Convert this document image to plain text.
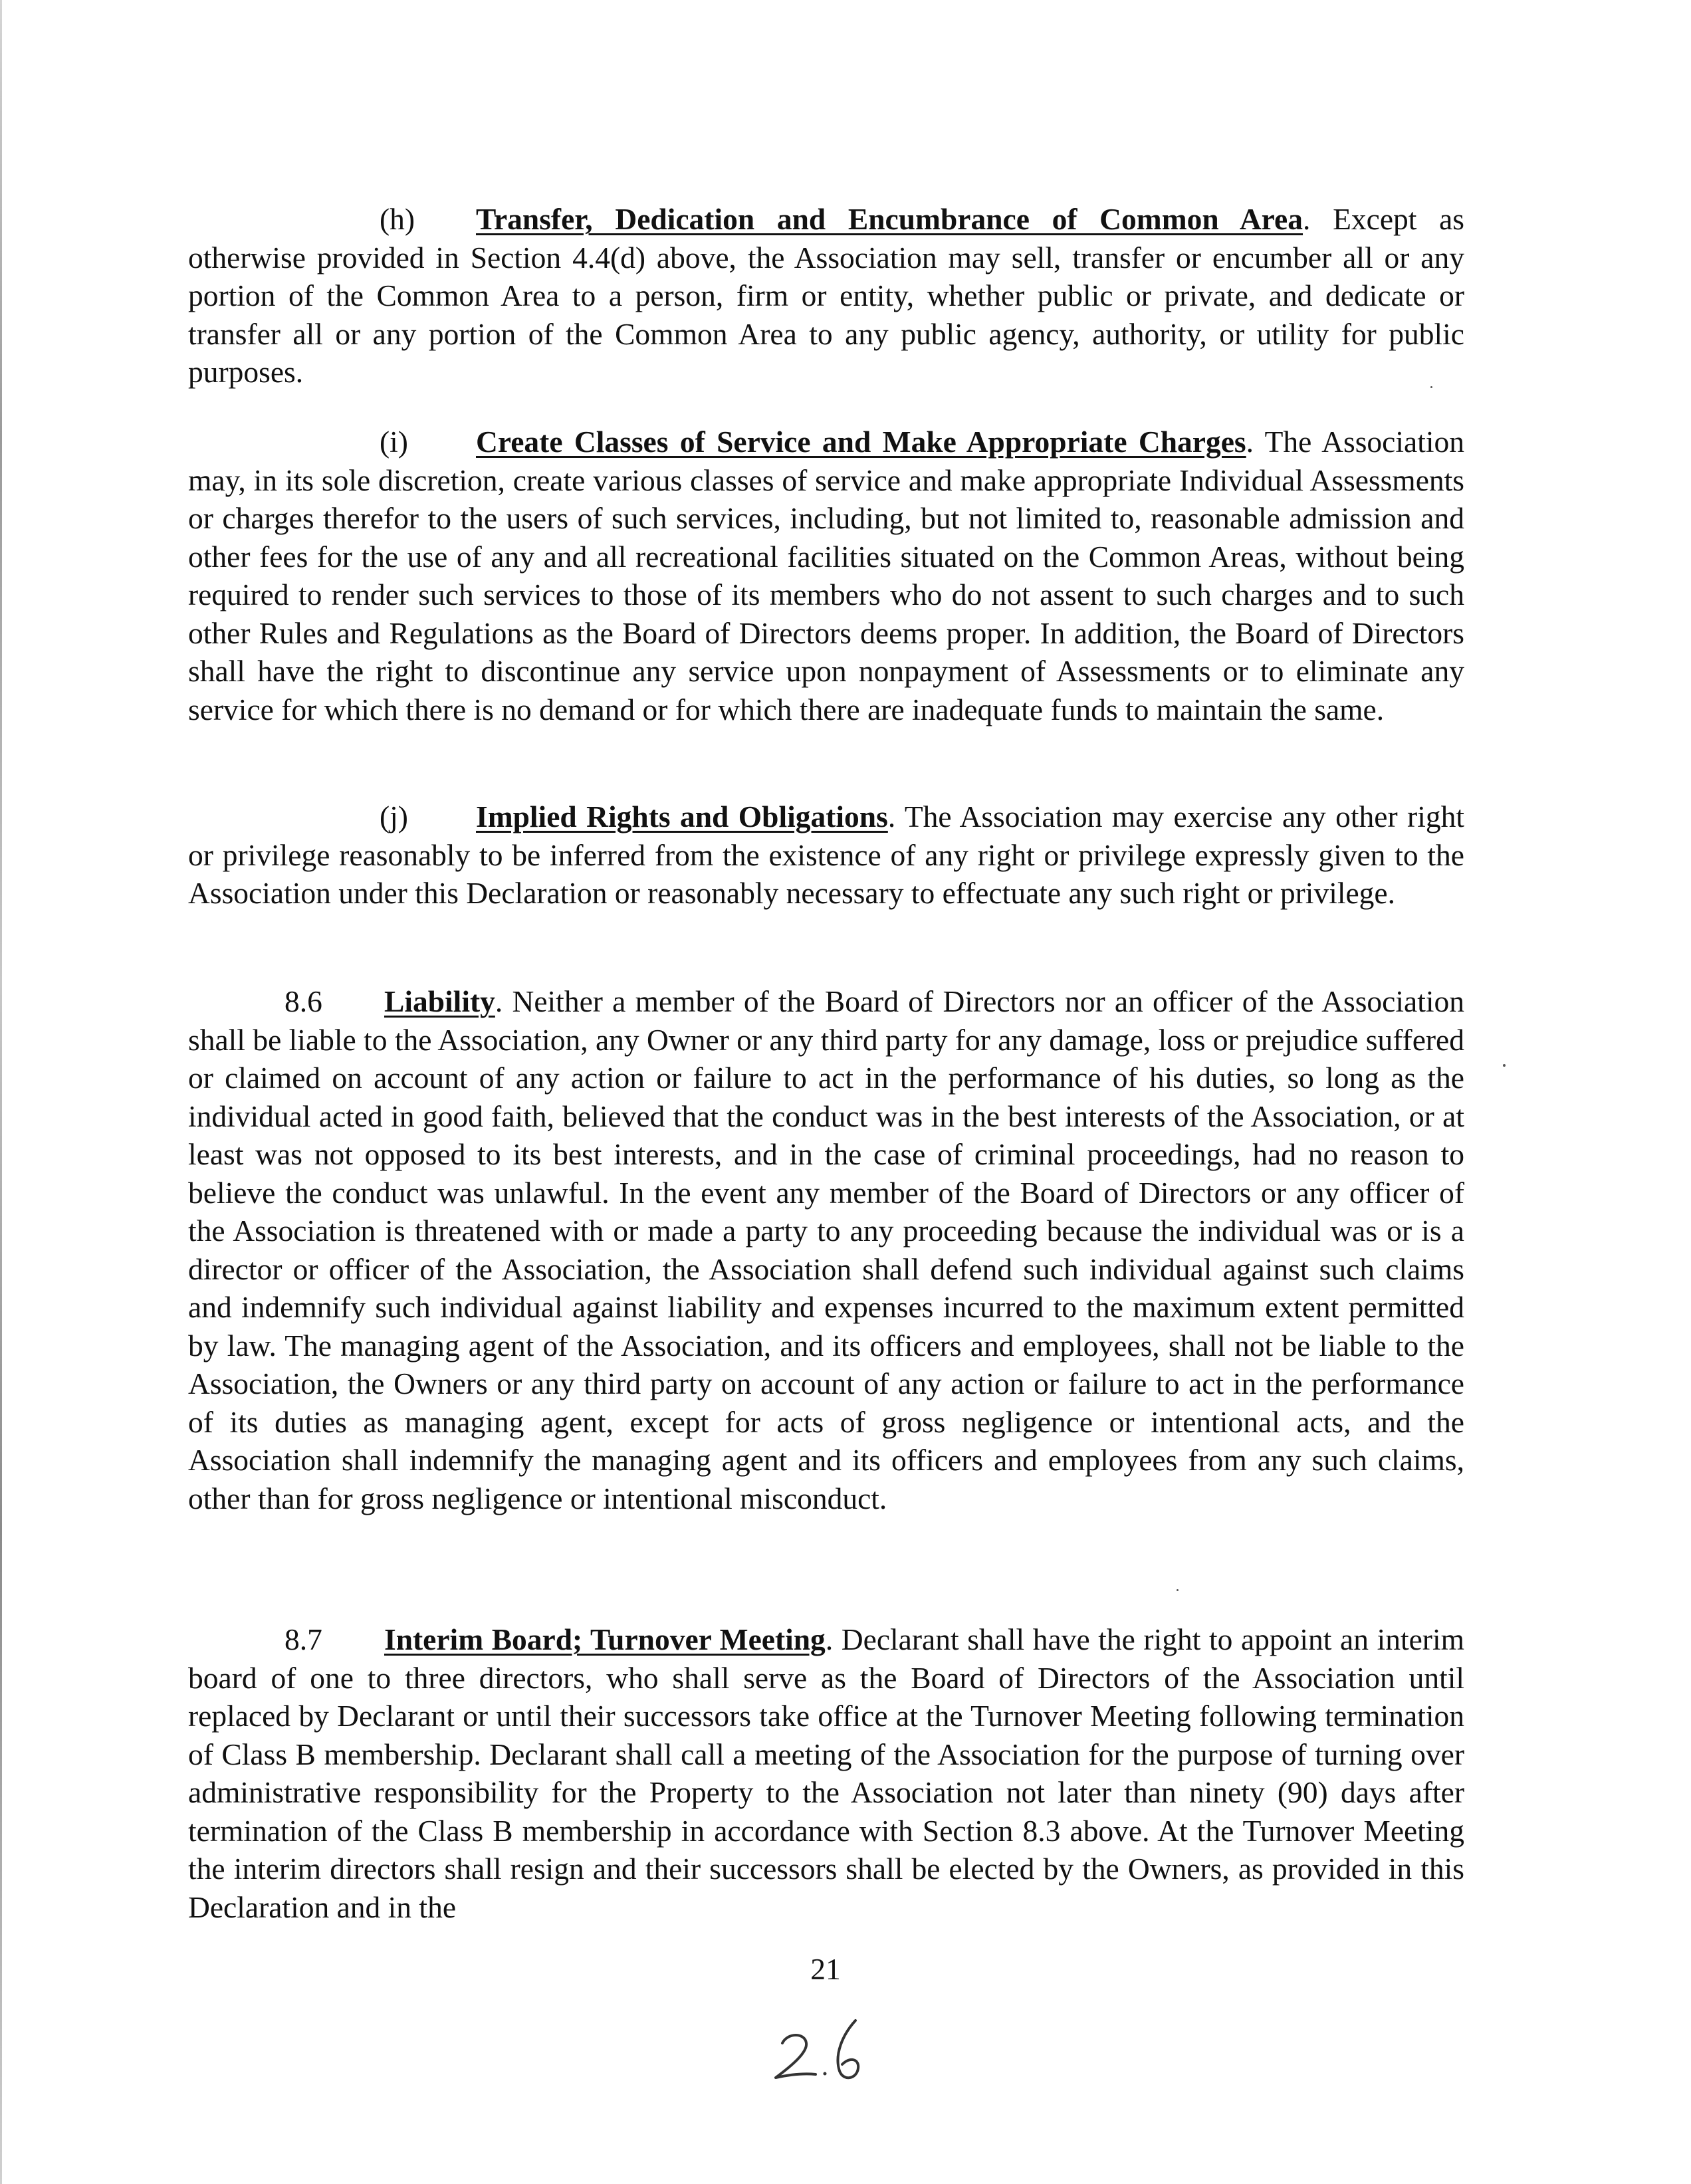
(h) Transfer, Dedication and Encumbrance of Common Area. Except as otherwise provided in Section 4.4(d) above, the Association may sell, transfer or encumber all or any portion of the Common Area to a person, firm or entity, whether public or private, and dedicate or transfer all or any portion of the Common Area to any public agency, authority, or utility for public purposes.

(i) Create Classes of Service and Make Appropriate Charges. The Association may, in its sole discretion, create various classes of service and make appropriate Individual Assessments or charges therefor to the users of such services, including, but not limited to, reasonable admission and other fees for the use of any and all recreational facilities situated on the Common Areas, without being required to render such services to those of its members who do not assent to such charges and to such other Rules and Regulations as the Board of Directors deems proper. In addition, the Board of Directors shall have the right to discontinue any service upon nonpayment of Assessments or to eliminate any service for which there is no demand or for which there are inadequate funds to maintain the same.

(j) Implied Rights and Obligations. The Association may exercise any other right or privilege reasonably to be inferred from the existence of any right or privilege expressly given to the Association under this Declaration or reasonably necessary to effectuate any such right or privilege.

8.6 Liability. Neither a member of the Board of Directors nor an officer of the Association shall be liable to the Association, any Owner or any third party for any damage, loss or prejudice suffered or claimed on account of any action or failure to act in the performance of his duties, so long as the individual acted in good faith, believed that the conduct was in the best interests of the Association, or at least was not opposed to its best interests, and in the case of criminal proceedings, had no reason to believe the conduct was unlawful. In the event any member of the Board of Directors or any officer of the Association is threatened with or made a party to any proceeding because the individual was or is a director or officer of the Association, the Association shall defend such individual against such claims and indemnify such individual against liability and expenses incurred to the maximum extent permitted by law. The managing agent of the Association, and its officers and employees, shall not be liable to the Association, the Owners or any third party on account of any action or failure to act in the performance of its duties as managing agent, except for acts of gross negligence or intentional acts, and the Association shall indemnify the managing agent and its officers and employees from any such claims, other than for gross negligence or intentional misconduct.

8.7 Interim Board; Turnover Meeting. Declarant shall have the right to appoint an interim board of one to three directors, who shall serve as the Board of Directors of the Association until replaced by Declarant or until their successors take office at the Turnover Meeting following termination of Class B membership. Declarant shall call a meeting of the Association for the purpose of turning over administrative responsibility for the Property to the Association not later than ninety (90) days after termination of the Class B membership in accordance with Section 8.3 above. At the Turnover Meeting the interim directors shall resign and their successors shall be elected by the Owners, as provided in this Declaration and in the

21
